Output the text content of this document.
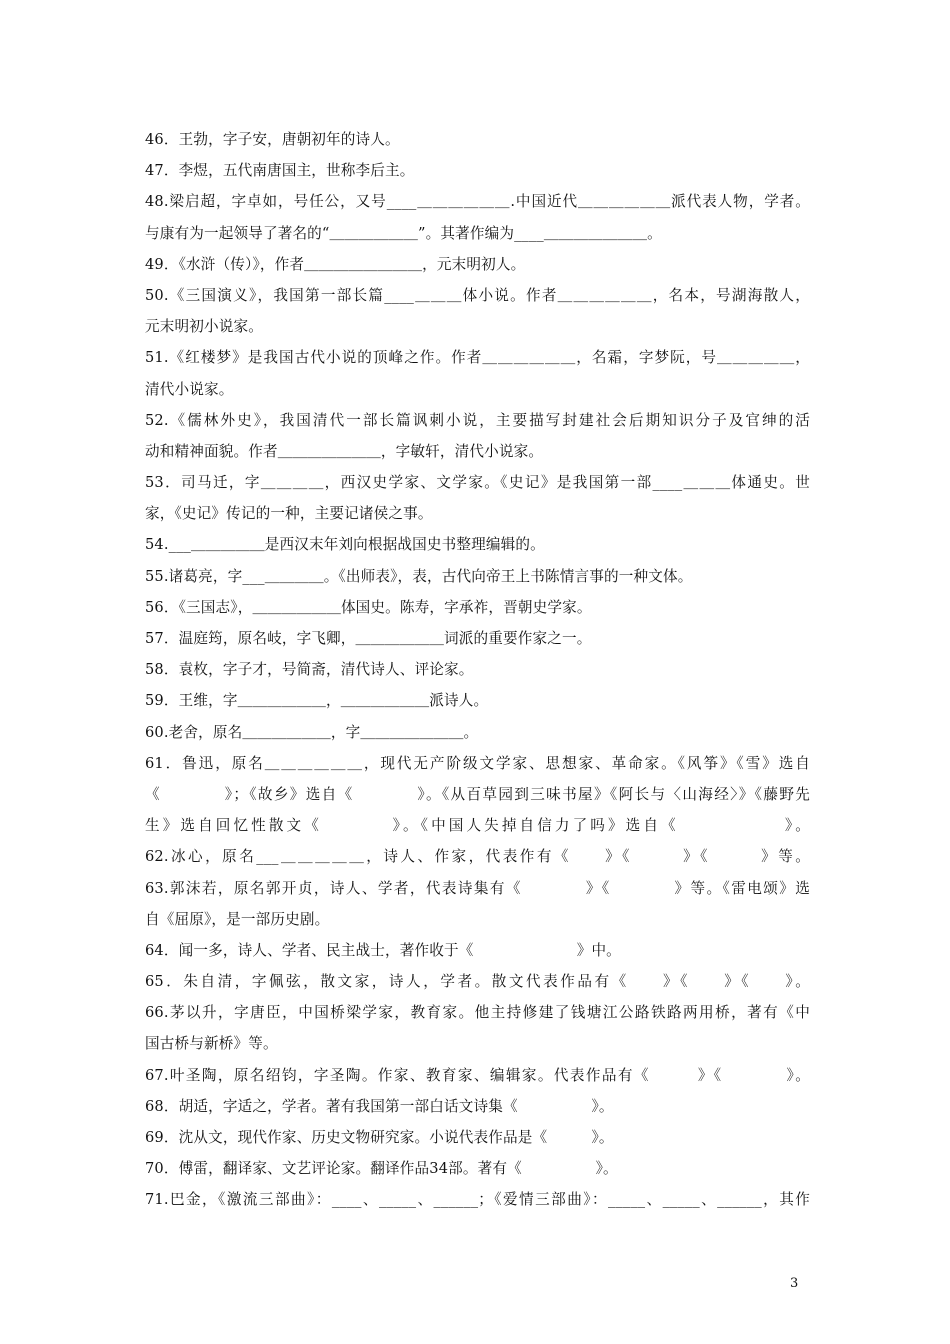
46．王勃，字子安，唐朝初年的诗人。
47．李煜，五代南唐国主，世称李后主。
48.梁启超，字卓如，号任公，又号____＿＿＿＿＿＿.中国近代＿＿＿＿＿＿派代表人物，学者。
与康有为一起领导了著名的“＿＿＿＿＿＿”。其著作编为____＿＿＿＿＿＿＿。
49．《水浒（传）》，作者＿＿＿＿＿＿＿＿，元末明初人。
50.《三国演义》，我国第一部长篇____＿＿＿体小说。作者＿＿＿＿＿＿，名本，号湖海散人，
元末明初小说家。
51.《红楼梦》是我国古代小说的顶峰之作。作者＿＿＿＿＿＿，名霜，字梦阮，号＿＿＿＿＿，
清代小说家。
52.《儒林外史》，我国清代一部长篇讽刺小说，主要描写封建社会后期知识分子及官绅的活
动和精神面貌。作者＿＿＿＿＿＿＿，字敏轩，清代小说家。
53．司马迁，字＿＿＿＿，西汉史学家、文学家。《史记》是我国第一部____＿＿＿体通史。世
家，《史记》传记的一种，主要记诸侯之事。
54.___＿＿＿＿＿是西汉末年刘向根据战国史书整理编辑的。
55.诸葛亮，字___＿＿＿＿。《出师表》，表，古代向帝王上书陈情言事的一种文体。
56．《三国志》，＿＿＿＿＿＿体国史。陈寿，字承祚，晋朝史学家。
57．温庭筠，原名岐，字飞卿，＿＿＿＿＿＿词派的重要作家之一。
58．袁枚，字子才，号简斋，清代诗人、评论家。
59．王维，字＿＿＿＿＿＿，＿＿＿＿＿＿派诗人。
60.老舍，原名＿＿＿＿＿＿，字＿＿＿＿＿＿＿。
61．鲁迅，原名＿＿＿＿＿＿，现代无产阶级文学家、思想家、革命家。《风筝》《雪》选自
《　　　　》；《故乡》选自《　　　　》。《从百草园到三味书屋》《阿长与〈山海经〉》《藤野先
生》选自回忆性散文《　　　　》。《中国人失掉自信力了吗》选自《　　　　　　》。
62.冰心，原名___＿＿＿＿＿，诗人、作家，代表作有《　　》《　　　》《　　　》等。
63.郭沫若，原名郭开贞，诗人、学者，代表诗集有《　　　　》《　　　　》等。《雷电颂》选
自《屈原》，是一部历史剧。
64．闻一多，诗人、学者、民主战士，著作收于《　　　　　　　》中。
65．朱自清，字佩弦，散文家，诗人，学者。散文代表作品有《　　》《　　》《　　》。
66.茅以升，字唐臣，中国桥梁学家，教育家。他主持修建了钱塘江公路铁路两用桥，著有《中
国古桥与新桥》等。
67.叶圣陶，原名绍钧，字圣陶。作家、教育家、编辑家。代表作品有《　　　》《　　　　》。
68．胡适，字适之，学者。著有我国第一部白话文诗集《　　　　　》。
69．沈从文，现代作家、历史文物研究家。小说代表作品是《　　　》。
70．傅雷，翻译家、文艺评论家。翻译作品34部。著有《　　　　　》。
71.巴金，《激流三部曲》：____、_____、______；《爱情三部曲》：_____、_____、______，其作
3
